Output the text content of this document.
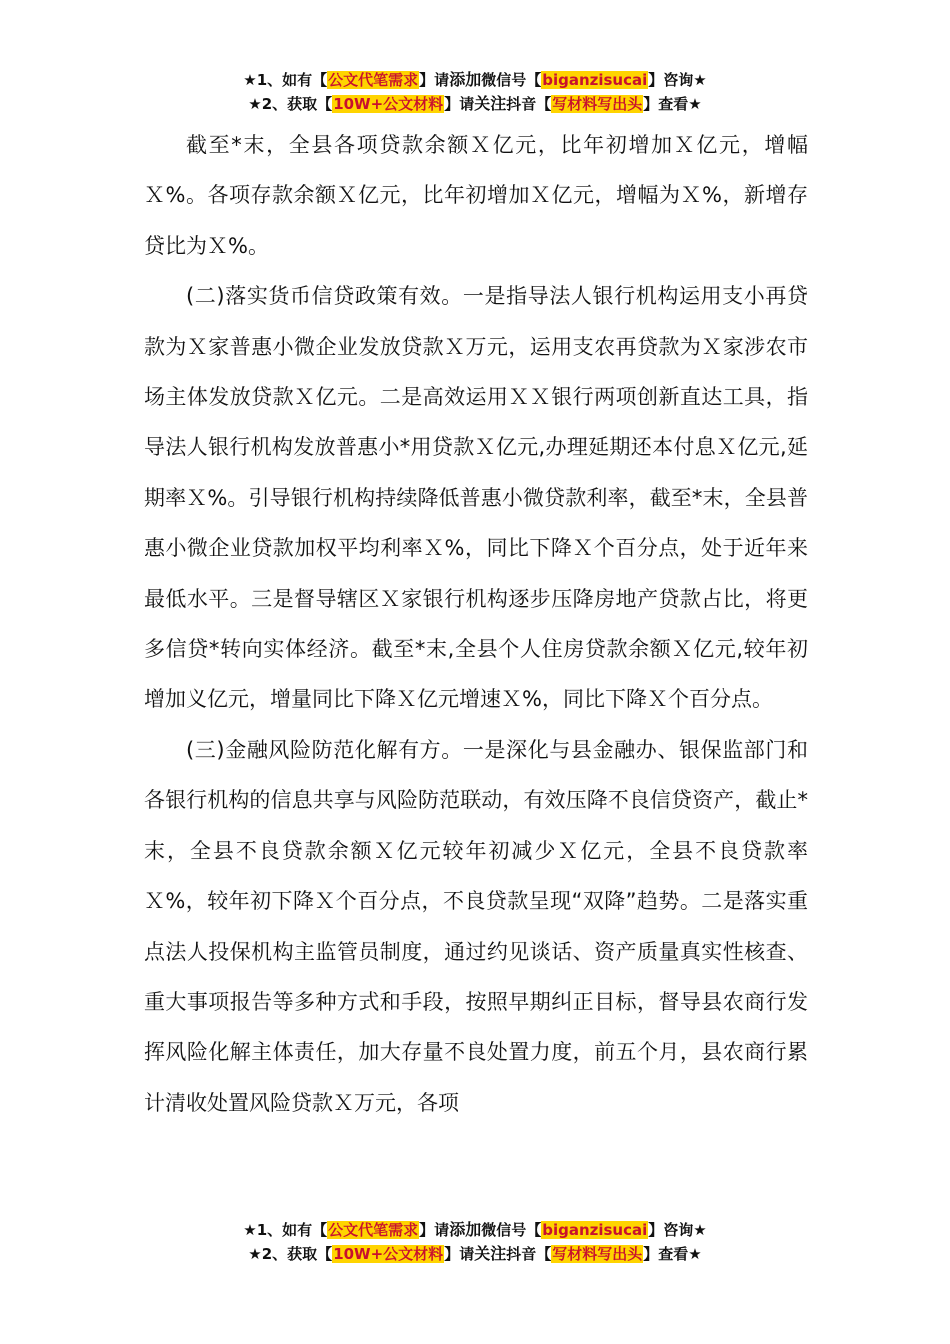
★1、如有【公文代笔需求】请添加微信号【biganzisucai】咨询★
★2、获取【10W+公文材料】请关注抖音【写材料写出头】查看★

截至*末，全县各项贷款余额Ｘ亿元，比年初增加Ｘ亿元，增幅Ｘ%。各项存款余额Ｘ亿元，比年初增加Ｘ亿元，增幅为Ｘ%，新增存贷比为Ｘ%。

(二)落实货币信贷政策有效。一是指导法人银行机构运用支小再贷款为Ｘ家普惠小微企业发放贷款Ｘ万元，运用支农再贷款为Ｘ家涉农市场主体发放贷款Ｘ亿元。二是高效运用ＸＸ银行两项创新直达工具，指导法人银行机构发放普惠小*用贷款Ｘ亿元,办理延期还本付息Ｘ亿元,延期率Ｘ%。引导银行机构持续降低普惠小微贷款利率，截至*末，全县普惠小微企业贷款加权平均利率Ｘ%，同比下降Ｘ个百分点，处于近年来最低水平。三是督导辖区Ｘ家银行机构逐步压降房地产贷款占比，将更多信贷*转向实体经济。截至*末,全县个人住房贷款余额Ｘ亿元,较年初增加义亿元，增量同比下降Ｘ亿元增速Ｘ%，同比下降Ｘ个百分点。

(三)金融风险防范化解有方。一是深化与县金融办、银保监部门和各银行机构的信息共享与风险防范联动，有效压降不良信贷资产，截止*末，全县不良贷款余额Ｘ亿元较年初减少Ｘ亿元，全县不良贷款率Ｘ%，较年初下降Ｘ个百分点，不良贷款呈现“双降”趋势。二是落实重点法人投保机构主监管员制度，通过约见谈话、资产质量真实性核查、重大事项报告等多种方式和手段，按照早期纠正目标，督导县农商行发挥风险化解主体责任，加大存量不良处置力度，前五个月，县农商行累计清收处置风险贷款Ｘ万元，各项

★1、如有【公文代笔需求】请添加微信号【biganzisucai】咨询★
★2、获取【10W+公文材料】请关注抖音【写材料写出头】查看★
